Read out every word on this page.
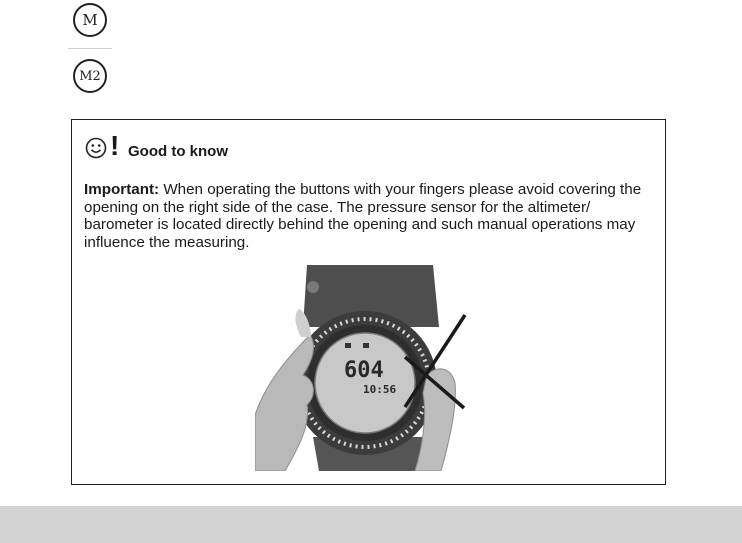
M
M2
! Good to know

Important: When operating the buttons with your fingers please avoid covering the opening on the right side of the case. The pressure sensor for the altimeter/ barometer is located directly behind the opening and such manual operations may influence the measuring.

604
10:56
